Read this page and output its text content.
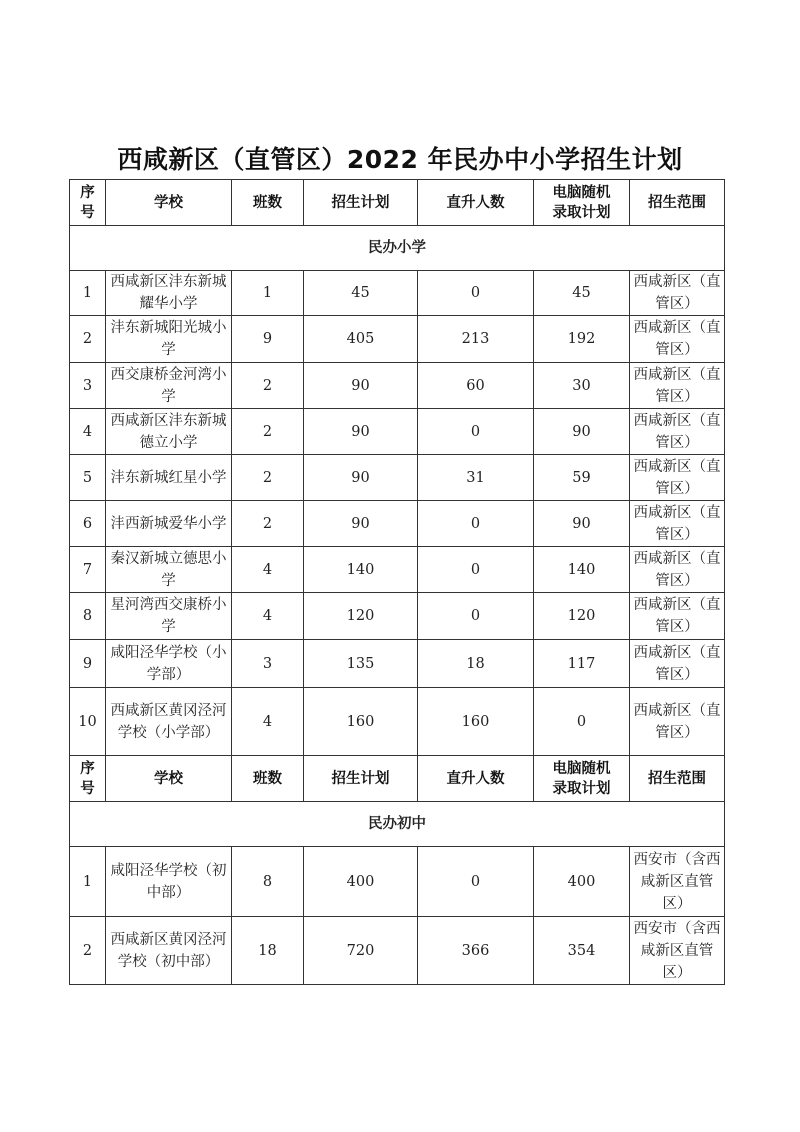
西咸新区（直管区）2022 年民办中小学招生计划
序号	学校	班数	招生计划	直升人数	电脑随机录取计划	招生范围
民办小学						
1	西咸新区沣东新城耀华小学	1	45	0	45	西咸新区（直管区）
2	沣东新城阳光城小学	9	405	213	192	西咸新区（直管区）
3	西交康桥金河湾小学	2	90	60	30	西咸新区（直管区）
4	西咸新区沣东新城德立小学	2	90	0	90	西咸新区（直管区）
5	沣东新城红星小学	2	90	31	59	西咸新区（直管区）
6	沣西新城爱华小学	2	90	0	90	西咸新区（直管区）
7	秦汉新城立德思小学	4	140	0	140	西咸新区（直管区）
8	星河湾西交康桥小学	4	120	0	120	西咸新区（直管区）
9	咸阳泾华学校（小学部）	3	135	18	117	西咸新区（直管区）
10	西咸新区黄冈泾河学校（小学部）	4	160	160	0	西咸新区（直管区）
序号	学校	班数	招生计划	直升人数	电脑随机录取计划	招生范围
民办初中						
1	咸阳泾华学校（初中部）	8	400	0	400	西安市（含西咸新区直管区）
2	西咸新区黄冈泾河学校（初中部）	18	720	366	354	西安市（含西咸新区直管区）
